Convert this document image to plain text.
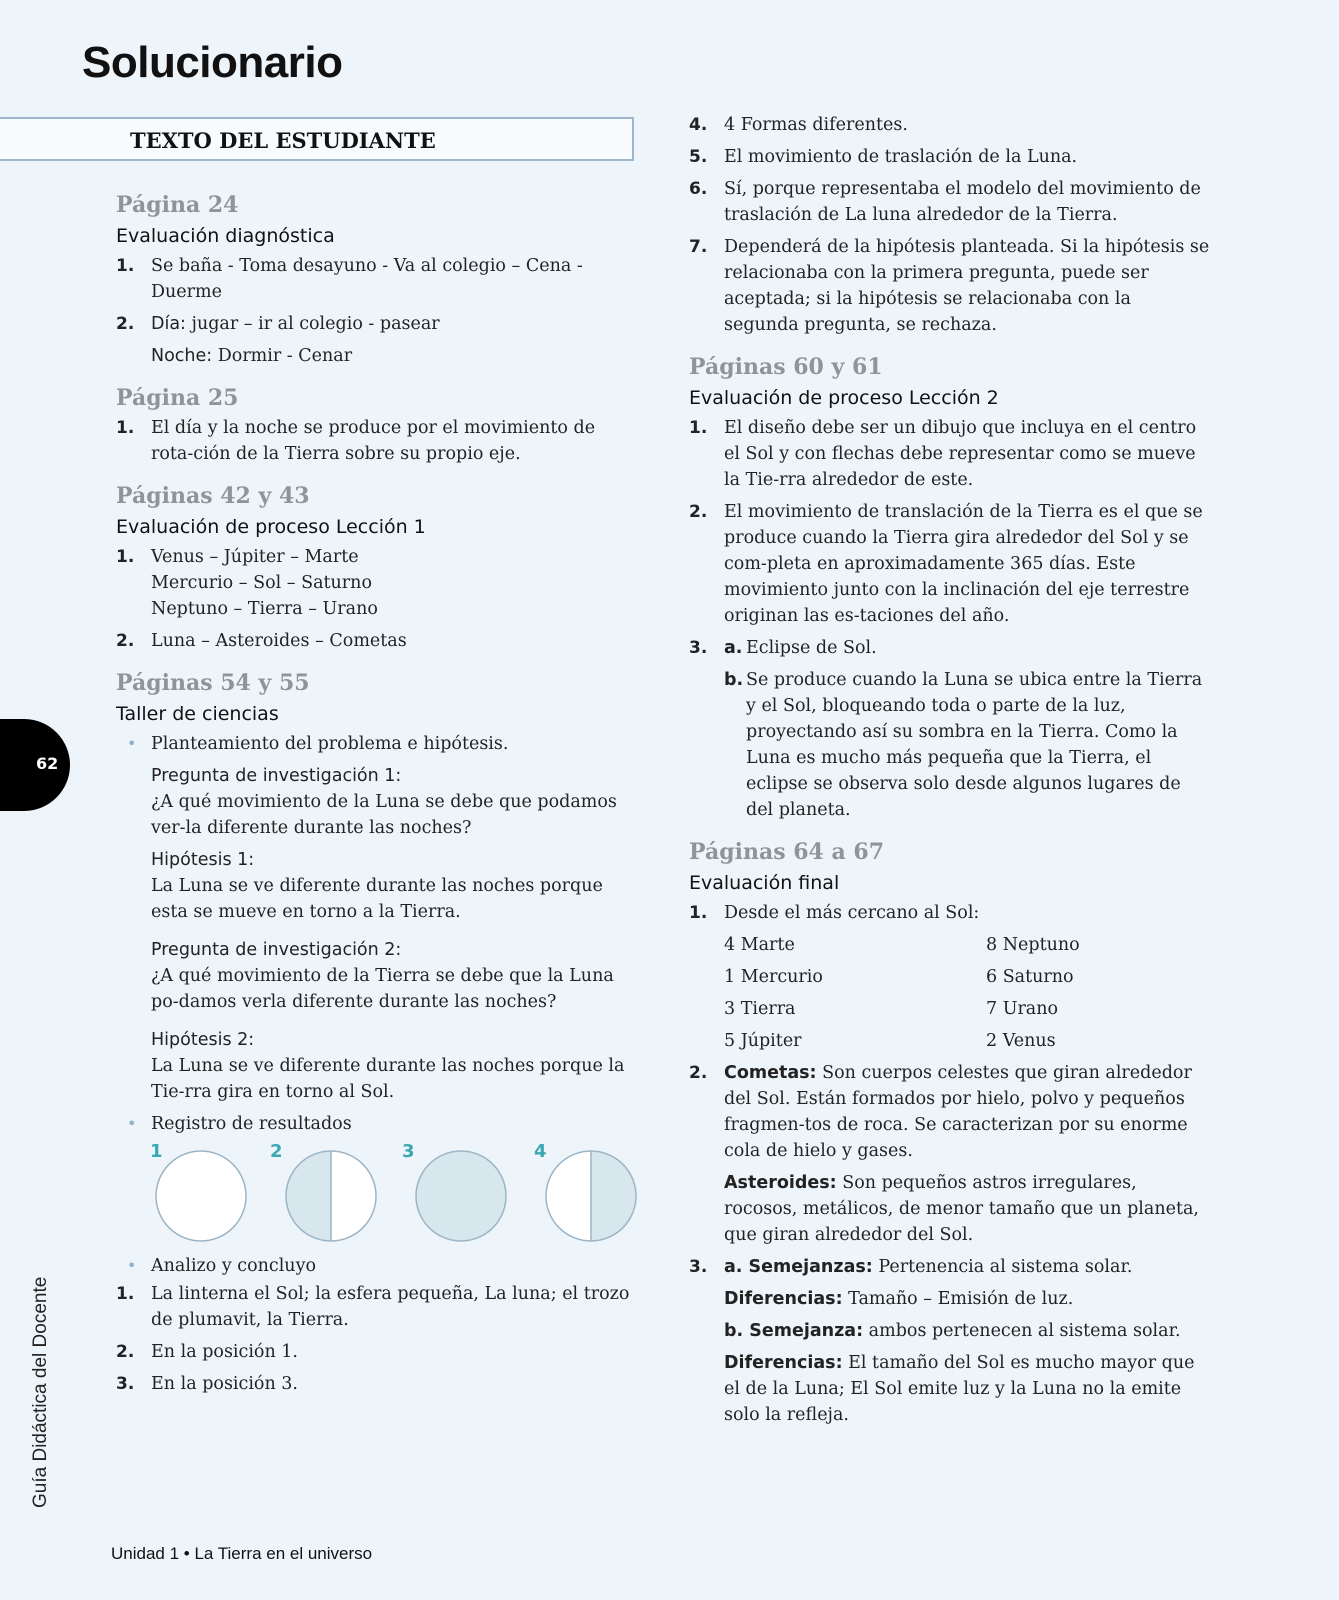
Solucionario
TEXTO DEL ESTUDIANTE
Página 24
Evaluación diagnóstica
1. Se baña - Toma desayuno - Va al colegio – Cena - Duerme
2. Día: jugar – ir al colegio - pasear
Noche: Dormir - Cenar
Página 25
1. El día y la noche se produce por el movimiento de rota-ción de la Tierra sobre su propio eje.
Páginas 42 y 43
Evaluación de proceso Lección 1
1. Venus – Júpiter – Marte
Mercurio – Sol – Saturno
Neptuno – Tierra – Urano
2. Luna – Asteroides – Cometas
Páginas 54 y 55
Taller de ciencias
• Planteamiento del problema e hipótesis.
Pregunta de investigación 1:
¿A qué movimiento de la Luna se debe que podamos ver-la diferente durante las noches?
Hipótesis 1:
La Luna se ve diferente durante las noches porque esta se mueve en torno a la Tierra.
Pregunta de investigación 2:
¿A qué movimiento de la Tierra se debe que la Luna po-damos verla diferente durante las noches?
Hipótesis 2:
La Luna se ve diferente durante las noches porque la Tie-rra gira en torno al Sol.
• Registro de resultados
1	2	3	4
• Analizo y concluyo
1. La linterna el Sol; la esfera pequeña, La luna; el trozo de plumavit, la Tierra.
2. En la posición 1.
3. En la posición 3.
4. 4 Formas diferentes.
5. El movimiento de traslación de la Luna.
6. Sí, porque representaba el modelo del movimiento de traslación de La luna alrededor de la Tierra.
7. Dependerá de la hipótesis planteada. Si la hipótesis se relacionaba con la primera pregunta, puede ser aceptada; si la hipótesis se relacionaba con la segunda pregunta, se rechaza.
Páginas 60 y 61
Evaluación de proceso Lección 2
1. El diseño debe ser un dibujo que incluya en el centro el Sol y con flechas debe representar como se mueve la Tie-rra alrededor de este.
2. El movimiento de translación de la Tierra es el que se produce cuando la Tierra gira alrededor del Sol y se com-pleta en aproximadamente 365 días. Este movimiento junto con la inclinación del eje terrestre originan las es-taciones del año.
3. a. Eclipse de Sol.
b. Se produce cuando la Luna se ubica entre la Tierra y el Sol, bloqueando toda o parte de la luz, proyectando así su sombra en la Tierra. Como la Luna es mucho más pequeña que la Tierra, el eclipse se observa solo desde algunos lugares de del planeta.
Páginas 64 a 67
Evaluación final
1. Desde el más cercano al Sol:
4 Marte	8 Neptuno
1 Mercurio	6 Saturno
3 Tierra	7 Urano
5 Júpiter	2 Venus
2. Cometas: Son cuerpos celestes que giran alrededor del Sol. Están formados por hielo, polvo y pequeños fragmen-tos de roca. Se caracterizan por su enorme cola de hielo y gases.
Asteroides: Son pequeños astros irregulares, rocosos, metálicos, de menor tamaño que un planeta, que giran alrededor del Sol.
3. a. Semejanzas: Pertenencia al sistema solar.
Diferencias: Tamaño – Emisión de luz.
b. Semejanza: ambos pertenecen al sistema solar.
Diferencias: El tamaño del Sol es mucho mayor que el de la Luna; El Sol emite luz y la Luna no la emite solo la refleja.
62
Guía Didáctica del Docente
Unidad 1 • La Tierra en el universo
